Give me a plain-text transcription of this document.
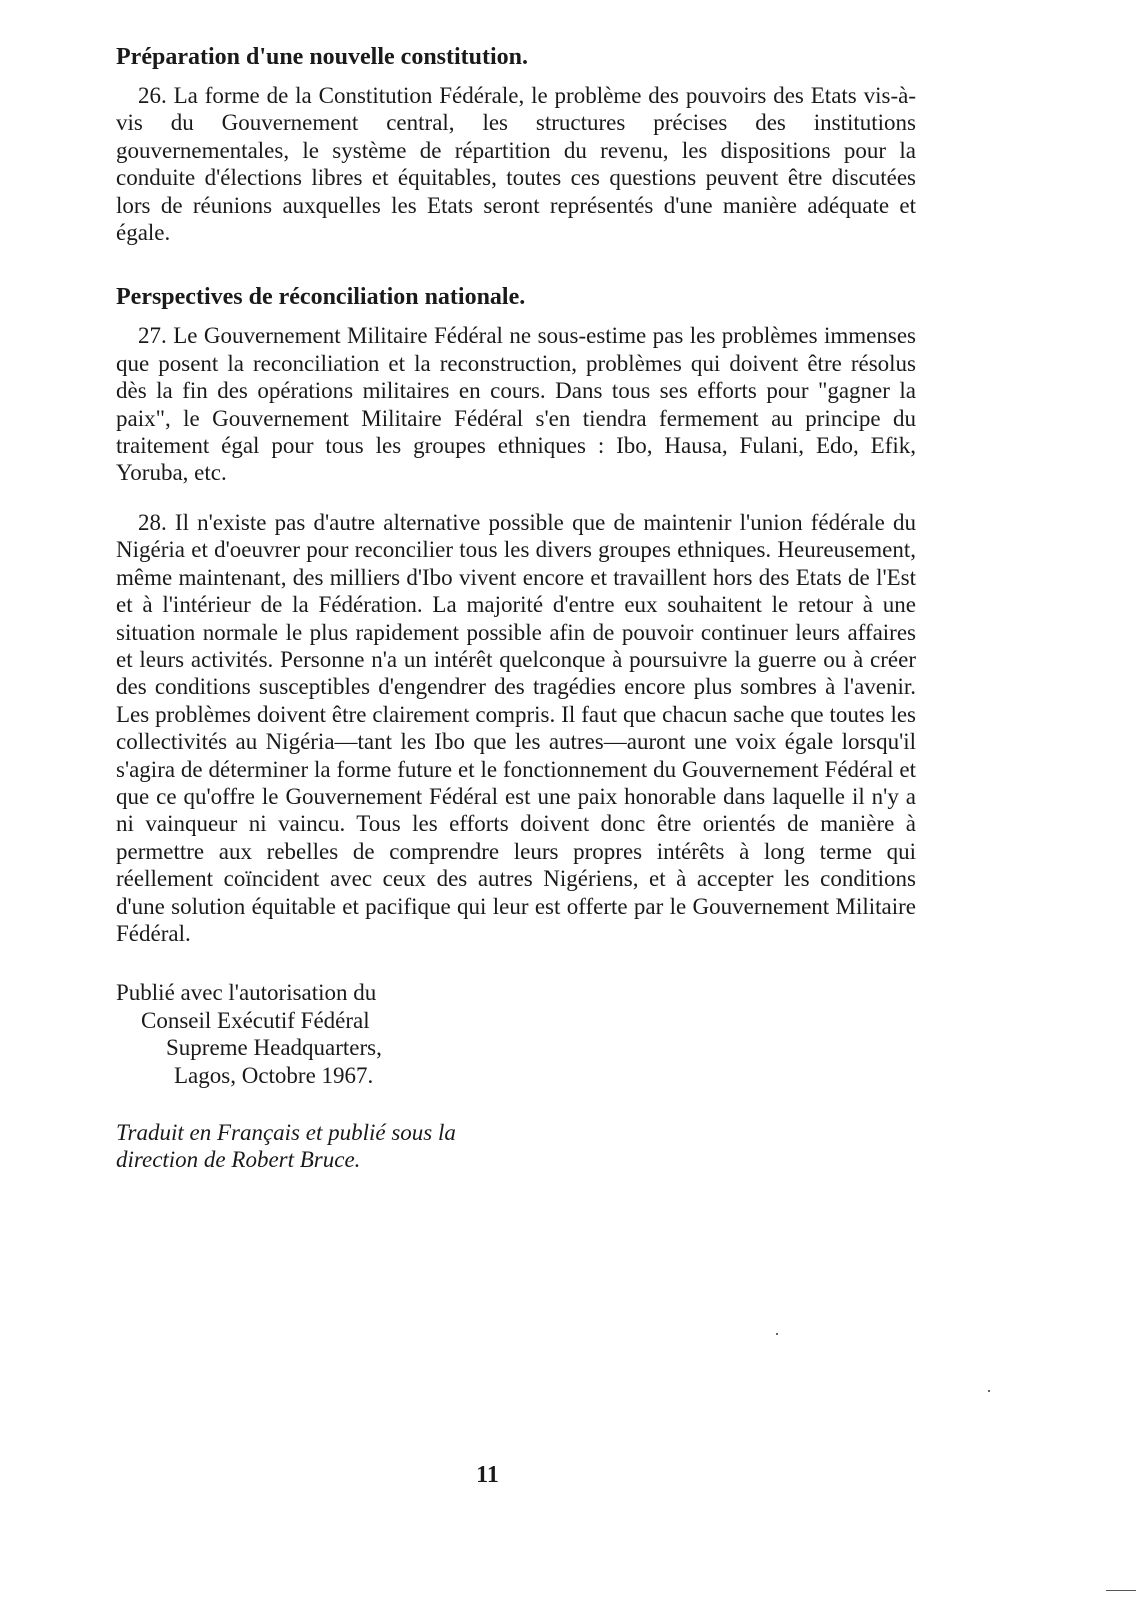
Préparation d'une nouvelle constitution.

26. La forme de la Constitution Fédérale, le problème des pouvoirs des Etats vis-à-vis du Gouvernement central, les structures précises des institutions gouvernementales, le système de répartition du revenu, les dispositions pour la conduite d'élections libres et équitables, toutes ces questions peuvent être discutées lors de réunions auxquelles les Etats seront représentés d'une manière adéquate et égale.

Perspectives de réconciliation nationale.

27. Le Gouvernement Militaire Fédéral ne sous-estime pas les problèmes immenses que posent la reconciliation et la reconstruction, problèmes qui doivent être résolus dès la fin des opérations militaires en cours. Dans tous ses efforts pour "gagner la paix", le Gouvernement Militaire Fédéral s'en tiendra fermement au principe du traitement égal pour tous les groupes ethniques : Ibo, Hausa, Fulani, Edo, Efik, Yoruba, etc.

28. Il n'existe pas d'autre alternative possible que de maintenir l'union fédérale du Nigéria et d'oeuvrer pour reconcilier tous les divers groupes ethniques. Heureusement, même maintenant, des milliers d'Ibo vivent encore et travaillent hors des Etats de l'Est et à l'intérieur de la Fédération. La majorité d'entre eux souhaitent le retour à une situation normale le plus rapidement possible afin de pouvoir continuer leurs affaires et leurs activités. Personne n'a un intérêt quelconque à poursuivre la guerre ou à créer des conditions susceptibles d'engendrer des tragédies encore plus sombres à l'avenir. Les problèmes doivent être clairement compris. Il faut que chacun sache que toutes les collectivités au Nigéria—tant les Ibo que les autres—auront une voix égale lorsqu'il s'agira de déterminer la forme future et le fonctionnement du Gouvernement Fédéral et que ce qu'offre le Gouvernement Fédéral est une paix honorable dans laquelle il n'y a ni vainqueur ni vaincu. Tous les efforts doivent donc être orientés de manière à permettre aux rebelles de comprendre leurs propres intérêts à long terme qui réellement coïncident avec ceux des autres Nigériens, et à accepter les conditions d'une solution équitable et pacifique qui leur est offerte par le Gouvernement Militaire Fédéral.

Publié avec l'autorisation du
Conseil Exécutif Fédéral
Supreme Headquarters,
Lagos, Octobre 1967.
Traduit en Français et publié sous la
direction de Robert Bruce.
11
